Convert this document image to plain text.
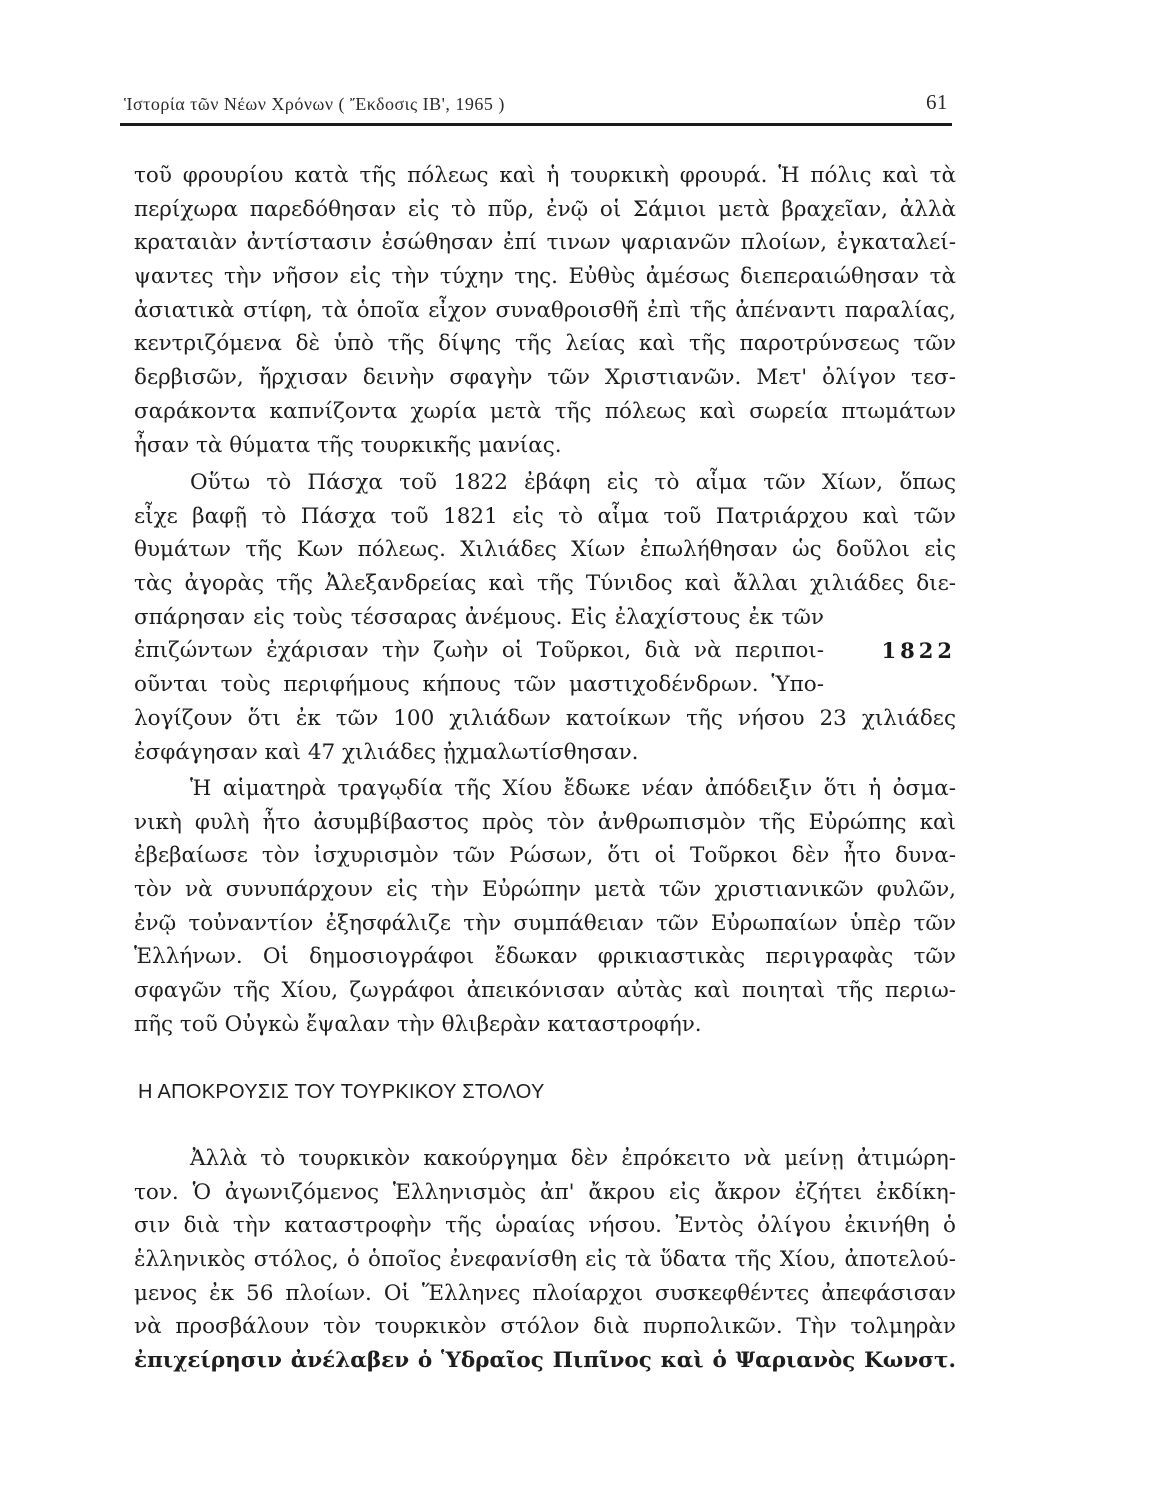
Ἱστορία τῶν Νέων Χρόνων ( Ἔκδοσις ΙΒ', 1965 )	61
τοῦ φρουρίου κατὰ τῆς πόλεως καὶ ἡ τουρκικὴ φρουρά. Ἡ πόλις καὶ τὰ
περίχωρα παρεδόθησαν εἰς τὸ πῦρ, ἐνῷ οἱ Σάμιοι μετὰ βραχεῖαν, ἀλλὰ
κραταιὰν ἀντίστασιν ἐσώθησαν ἐπί τινων ψαριανῶν πλοίων, ἐγκαταλεί-
ψαντες τὴν νῆσον εἰς τὴν τύχην της. Εὐθὺς ἀμέσως διεπεραιώθησαν τὰ
ἀσιατικὰ στίφη, τὰ ὁποῖα εἶχον συναθροισθῆ ἐπὶ τῆς ἀπέναντι παραλίας,
κεντριζόμενα δὲ ὑπὸ τῆς δίψης τῆς λείας καὶ τῆς παροτρύνσεως τῶν
δερβισῶν, ἤρχισαν δεινὴν σφαγὴν τῶν Χριστιανῶν. Μετ' ὀλίγον τεσ-
σαράκοντα καπνίζοντα χωρία μετὰ τῆς πόλεως καὶ σωρεία πτωμάτων
ἦσαν τὰ θύματα τῆς τουρκικῆς μανίας.
Οὕτω τὸ Πάσχα τοῦ 1822 ἐβάφη εἰς τὸ αἷμα τῶν Χίων, ὅπως
εἶχε βαφῇ τὸ Πάσχα τοῦ 1821 εἰς τὸ αἷμα τοῦ Πατριάρχου καὶ τῶν
θυμάτων τῆς Κων πόλεως. Χιλιάδες Χίων ἐπωλήθησαν ὡς δοῦλοι εἰς
τὰς ἀγορὰς τῆς Ἀλεξανδρείας καὶ τῆς Τύνιδος καὶ ἄλλαι χιλιάδες διε-
σπάρησαν εἰς τοὺς τέσσαρας ἀνέμους. Εἰς ἐλαχίστους ἐκ τῶν
ἐπιζώντων ἐχάρισαν τὴν ζωὴν οἱ Τοῦρκοι, διὰ νὰ περιποι-
οῦνται τοὺς περιφήμους κήπους τῶν μαστιχοδένδρων. Ὑπο-
λογίζουν ὅτι ἐκ τῶν 100 χιλιάδων κατοίκων τῆς νήσου 23 χιλιάδες
ἐσφάγησαν καὶ 47 χιλιάδες ᾐχμαλωτίσθησαν.
1822
Ἡ αἱματηρὰ τραγῳδία τῆς Χίου ἔδωκε νέαν ἀπόδειξιν ὅτι ἡ ὀσμα-
νικὴ φυλὴ ἦτο ἀσυμβίβαστος πρὸς τὸν ἀνθρωπισμὸν τῆς Εὐρώπης καὶ
ἐβεβαίωσε τὸν ἰσχυρισμὸν τῶν Ρώσων, ὅτι οἱ Τοῦρκοι δὲν ἦτο δυνα-
τὸν νὰ συνυπάρχουν εἰς τὴν Εὐρώπην μετὰ τῶν χριστιανικῶν φυλῶν,
ἐνῷ τοὐναντίον ἐξησφάλιζε τὴν συμπάθειαν τῶν Εὐρωπαίων ὑπὲρ τῶν
Ἑλλήνων. Οἱ δημοσιογράφοι ἔδωκαν φρικιαστικὰς περιγραφὰς τῶν
σφαγῶν τῆς Χίου, ζωγράφοι ἀπεικόνισαν αὐτὰς καὶ ποιηταὶ τῆς περιω-
πῆς τοῦ Οὐγκὼ ἔψαλαν τὴν θλιβερὰν καταστροφήν.
Η ΑΠΟΚΡΟΥΣΙΣ ΤΟΥ ΤΟΥΡΚΙΚΟΥ ΣΤΟΛΟΥ
Ἀλλὰ τὸ τουρκικὸν κακούργημα δὲν ἐπρόκειτο νὰ μείνῃ ἀτιμώρη-
τον. Ὁ ἀγωνιζόμενος Ἑλληνισμὸς ἀπ' ἄκρου εἰς ἄκρον ἐζήτει ἐκδίκη-
σιν διὰ τὴν καταστροφὴν τῆς ὡραίας νήσου. Ἐντὸς ὀλίγου ἐκινήθη ὁ
ἑλληνικὸς στόλος, ὁ ὁποῖος ἐνεφανίσθη εἰς τὰ ὕδατα τῆς Χίου, ἀποτελού-
μενος ἐκ 56 πλοίων. Οἱ Ἕλληνες πλοίαρχοι συσκεφθέντες ἀπεφάσισαν
νὰ προσβάλουν τὸν τουρκικὸν στόλον διὰ πυρπολικῶν. Τὴν τολμηρὰν
ἐπιχείρησιν ἀνέλαβεν ὁ Ὑδραῖος Πιπῖνος καὶ ὁ Ψαριανὸς Κωνστ.
